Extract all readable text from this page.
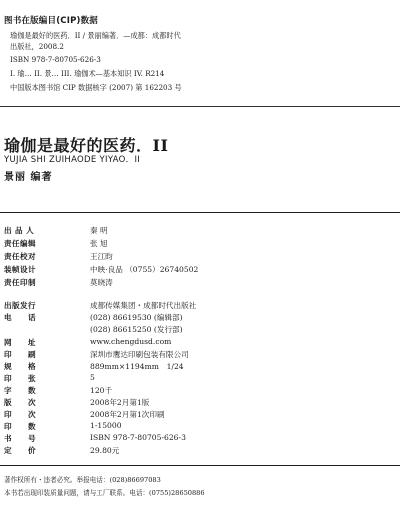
图书在版编目(CIP)数据
瑜伽是最好的医药．II / 景丽编著．—成都：成都时代
出版社，2008.2
ISBN 978-7-80705-626-3
I. 瑜… II. 景… III. 瑜伽术—基本知识 IV. R214
中国版本图书馆 CIP 数据核字 (2007) 第 162203 号
瑜伽是最好的医药．II
YUJIA SHI ZUIHAODE YIYAO．II
景丽 编著
出 品 人	秦 明
责任编辑	张 旭
责任校对	王江昀
装帧设计	中映·良品 （0755）26740502
责任印制	莫晓涛
出版发行	成都传媒集团・成都时代出版社
电　　话	(028) 86619530 (编辑部)
(028) 86615250 (发行部)
网　　址	www.chengdusd.com
印　　刷	深圳市鹰达印刷包装有限公司
规　　格	889mm×1194mm　1/24
印　　张	5
字　　数	120千
版　　次	2008年2月第1版
印　　次	2008年2月第1次印刷
印　　数	1-15000
书　　号	ISBN 978-7-80705-626-3
定　　价	29.80元
著作权所有・违者必究。举报电话：(028)86697083
本书若出现印装质量问题，请与工厂联系。电话：(0755)28650886
